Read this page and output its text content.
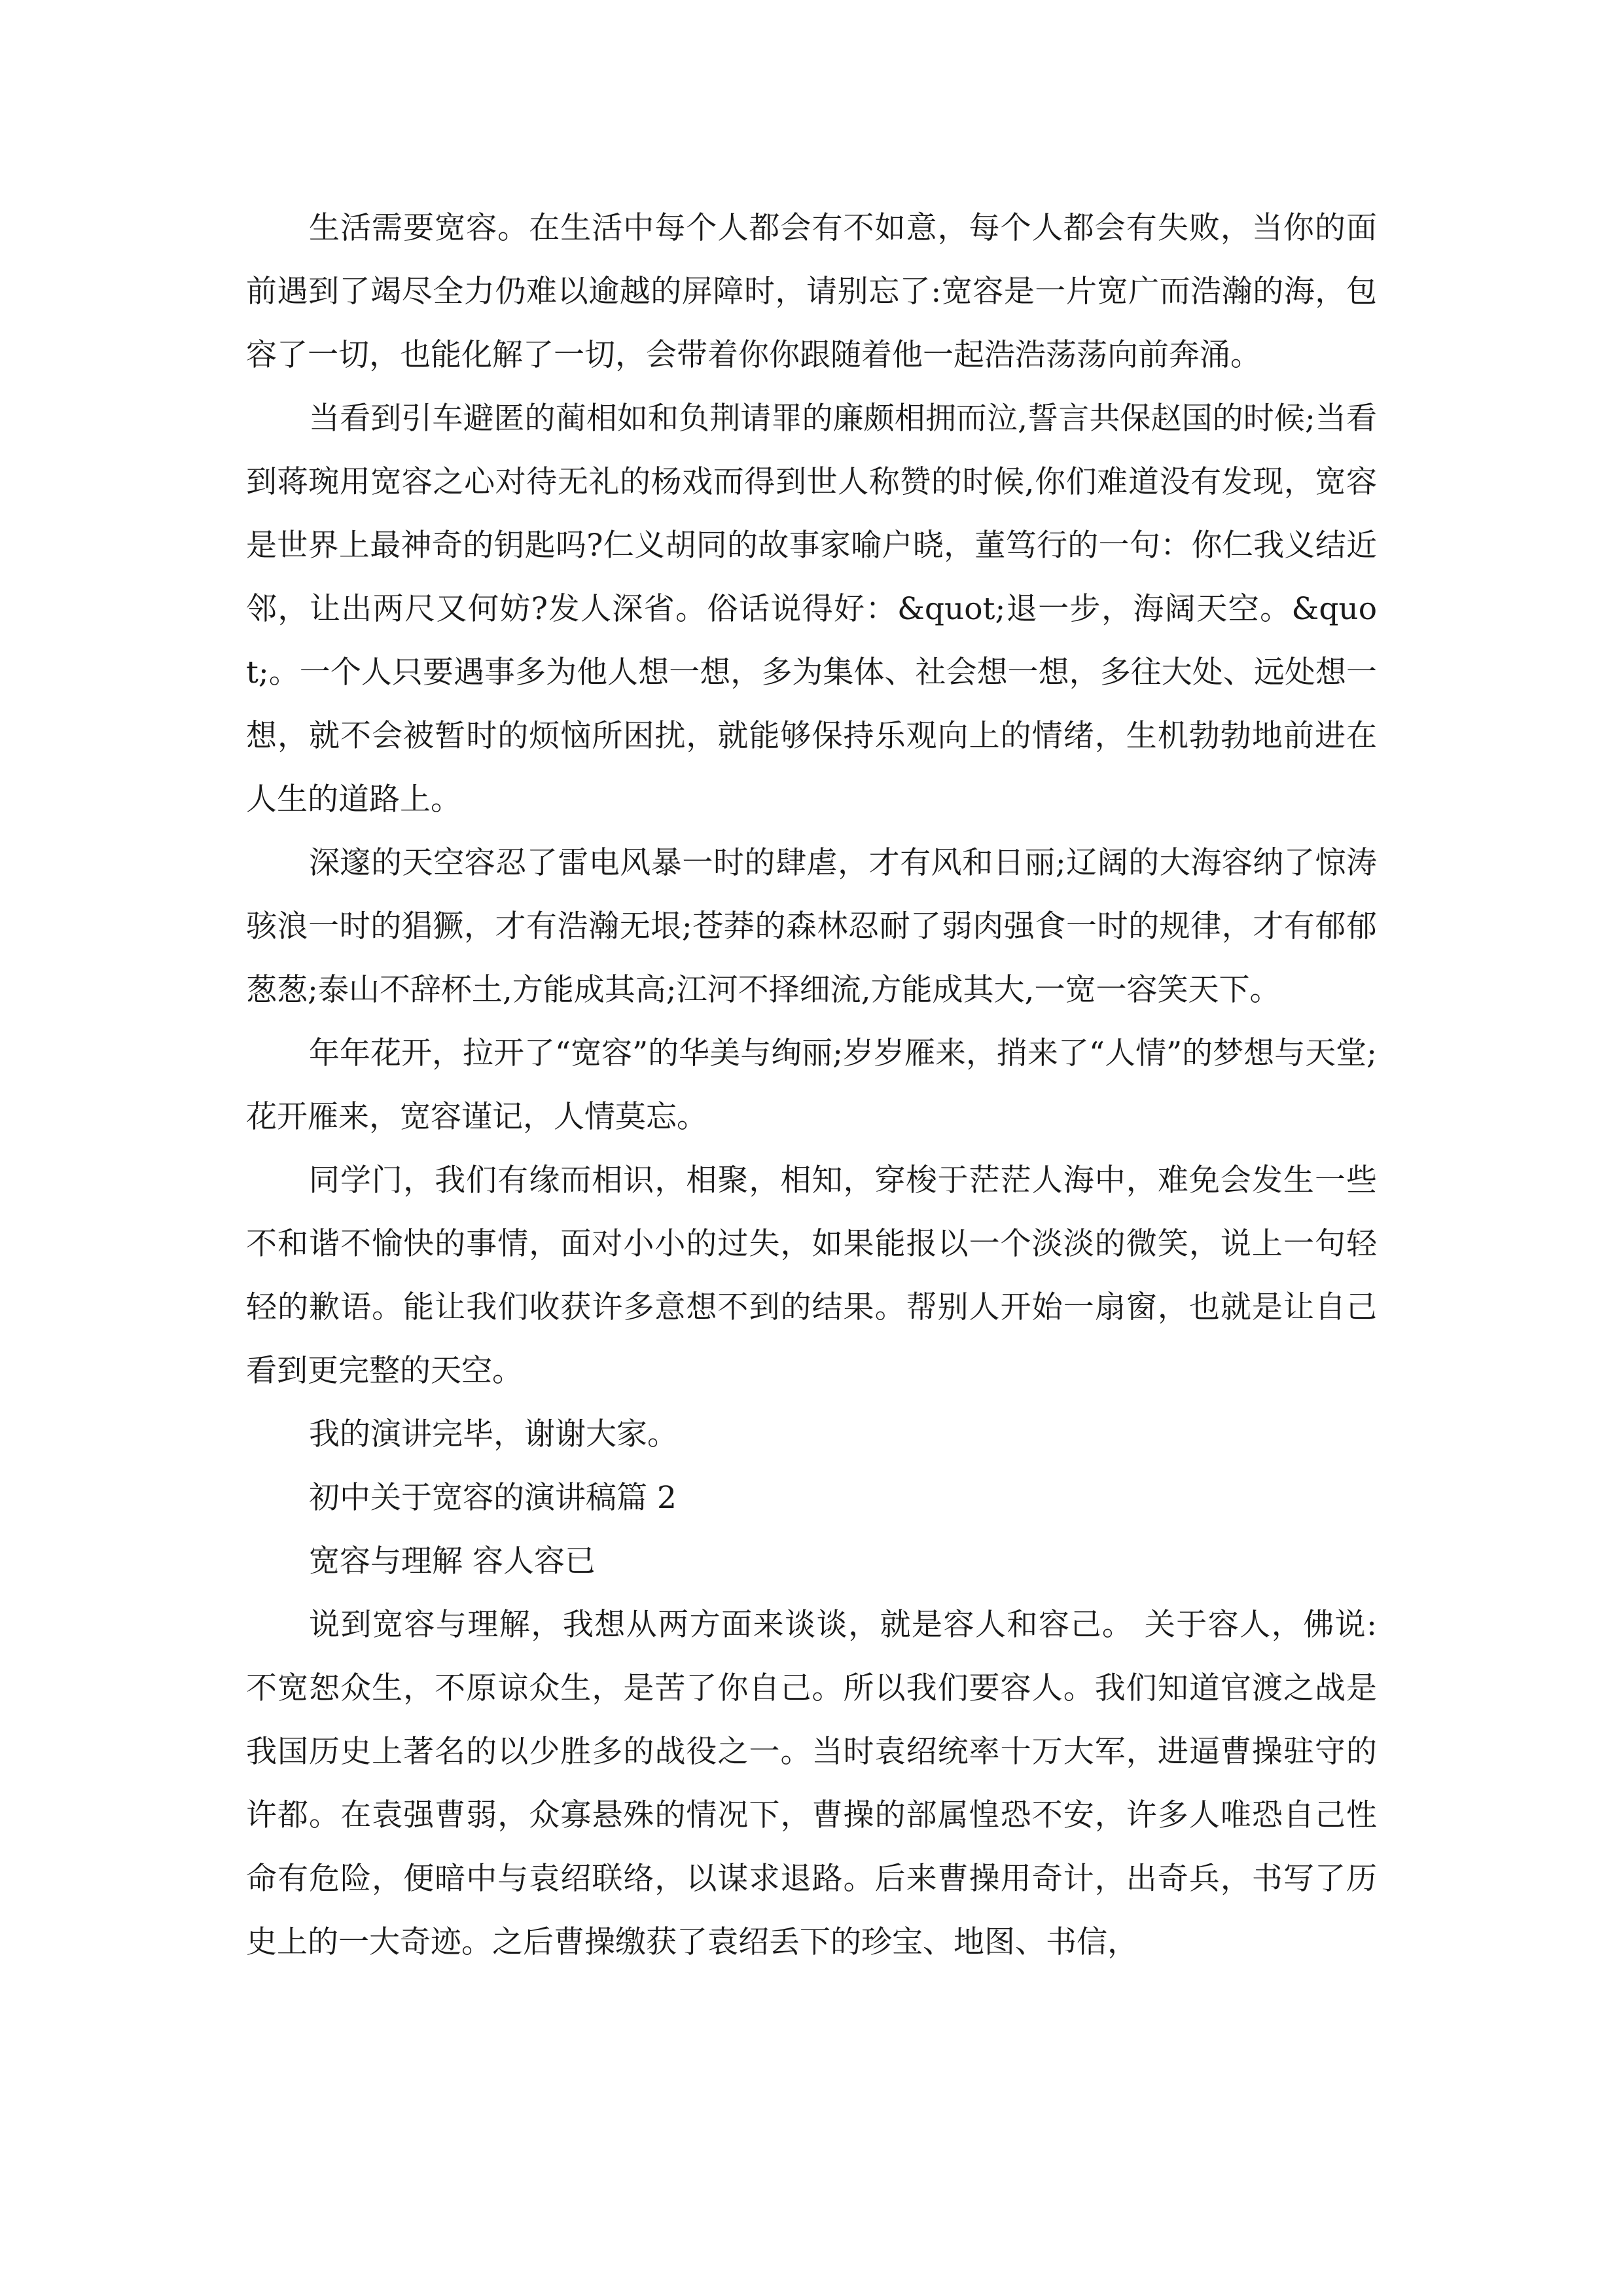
生活需要宽容。在生活中每个人都会有不如意，每个人都会有失败，当你的面前遇到了竭尽全力仍难以逾越的屏障时，请别忘了:宽容是一片宽广而浩瀚的海，包容了一切，也能化解了一切，会带着你你跟随着他一起浩浩荡荡向前奔涌。

当看到引车避匿的蔺相如和负荆请罪的廉颇相拥而泣,誓言共保赵国的时候;当看到蒋琬用宽容之心对待无礼的杨戏而得到世人称赞的时候,你们难道没有发现，宽容是世界上最神奇的钥匙吗?仁义胡同的故事家喻户晓，董笃行的一句：你仁我义结近邻，让出两尺又何妨?发人深省。俗话说得好：&quot;退一步，海阔天空。&quot;。一个人只要遇事多为他人想一想，多为集体、社会想一想，多往大处、远处想一想，就不会被暂时的烦恼所困扰，就能够保持乐观向上的情绪，生机勃勃地前进在人生的道路上。

深邃的天空容忍了雷电风暴一时的肆虐，才有风和日丽;辽阔的大海容纳了惊涛骇浪一时的猖獗，才有浩瀚无垠;苍莽的森林忍耐了弱肉强食一时的规律，才有郁郁葱葱;泰山不辞杯土,方能成其高;江河不择细流,方能成其大,一宽一容笑天下。

年年花开，拉开了“宽容”的华美与绚丽;岁岁雁来，捎来了“人情”的梦想与天堂;花开雁来，宽容谨记，人情莫忘。

同学门，我们有缘而相识，相聚，相知，穿梭于茫茫人海中，难免会发生一些不和谐不愉快的事情，面对小小的过失，如果能报以一个淡淡的微笑，说上一句轻轻的歉语。能让我们收获许多意想不到的结果。帮别人开始一扇窗，也就是让自己看到更完整的天空。

我的演讲完毕，谢谢大家。

初中关于宽容的演讲稿篇 2

宽容与理解 容人容已

说到宽容与理解，我想从两方面来谈谈，就是容人和容己。 关于容人，佛说: 不宽恕众生，不原谅众生，是苦了你自己。所以我们要容人。我们知道官渡之战是我国历史上著名的以少胜多的战役之一。当时袁绍统率十万大军，进逼曹操驻守的许都。在袁强曹弱，众寡悬殊的情况下，曹操的部属惶恐不安，许多人唯恐自己性命有危险，便暗中与袁绍联络，以谋求退路。后来曹操用奇计，出奇兵，书写了历史上的一大奇迹。之后曹操缴获了袁绍丢下的珍宝、地图、书信，
